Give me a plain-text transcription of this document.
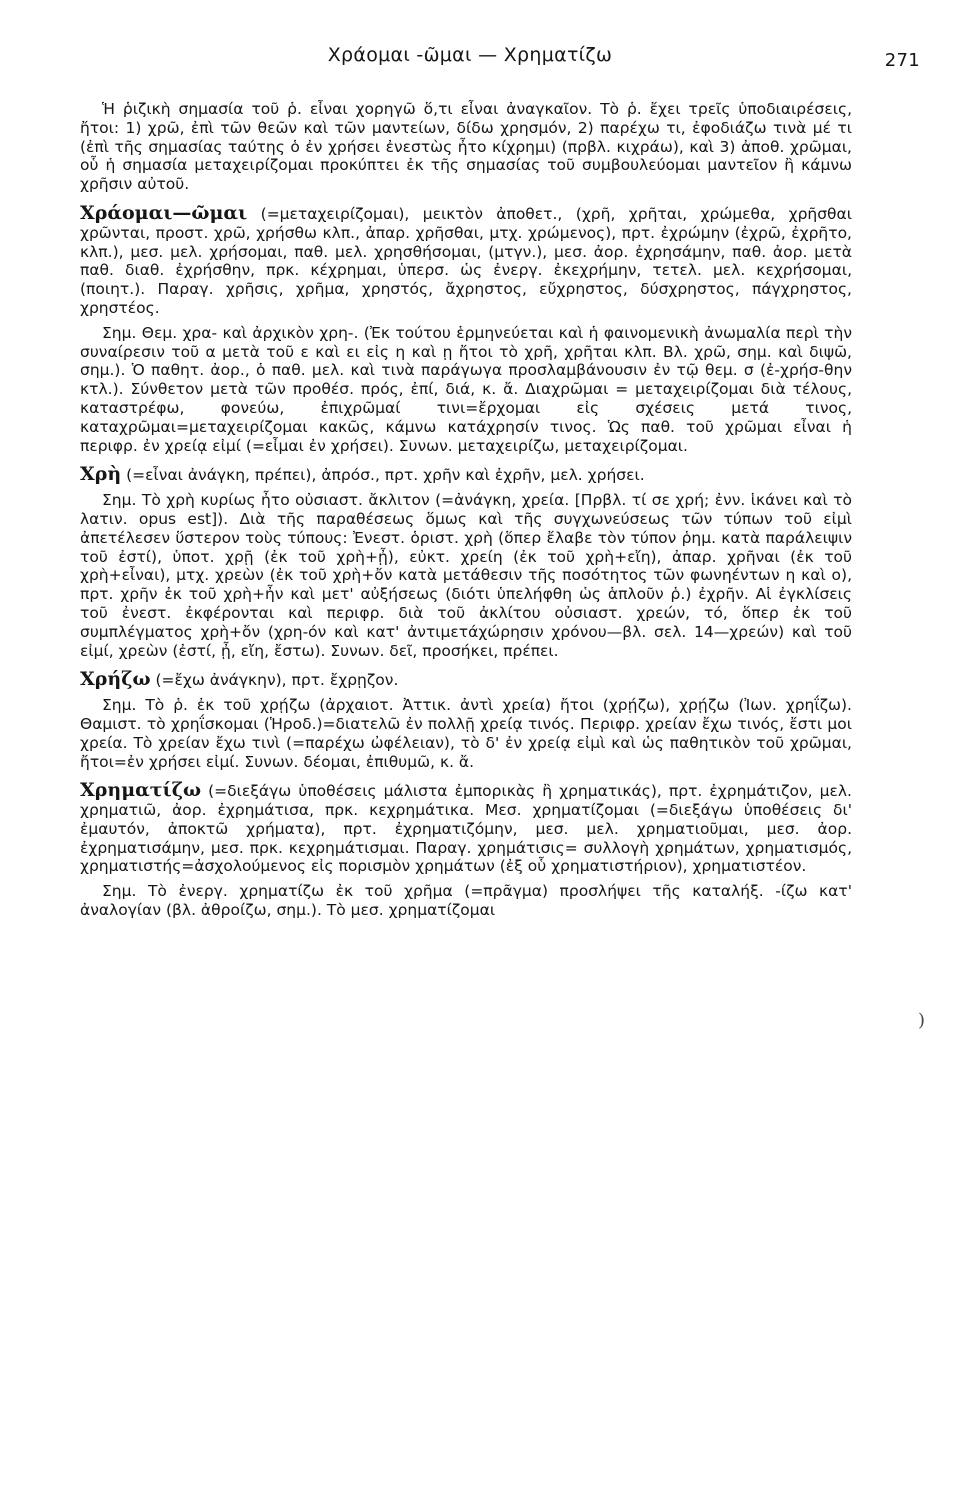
Χράομαι -ῶμαι — Χρηματίζω	271

Ἡ ῥιζικὴ σημασία τοῦ ῥ. εἶναι χορηγῶ ὅ,τι εἶναι ἀναγκαῖον. Τὸ ῥ. ἔχει τρεῖς ὑποδιαιρέσεις, ἤτοι: 1) χρῶ, ἐπὶ τῶν θεῶν καὶ τῶν μαντείων, δίδω χρησμόν, 2) παρέχω τι, ἐφοδιάζω τινὰ μέ τι (ἐπὶ τῆς σημασίας ταύτης ὁ ἐν χρήσει ἐνεστὼς ἦτο κίχρημι) (πρβλ. κιχράω), καὶ 3) ἀποθ. χρῶμαι, οὗ ἡ σημασία μεταχειρίζομαι προκύπτει ἐκ τῆς σημασίας τοῦ συμβουλεύομαι μαντεῖον ἢ κάμνω χρῆσιν αὐτοῦ.

Χράομαι—ῶμαι (=μεταχειρίζομαι), μεικτὸν ἀποθετ., (χρῆ, χρῆται, χρώμεθα, χρῆσθαι χρῶνται, προστ. χρῶ, χρήσθω κλπ., ἀπαρ. χρῆσθαι, μτχ. χρώμενος), πρτ. ἐχρώμην (ἐχρῶ, ἐχρῆτο, κλπ.), μεσ. μελ. χρήσομαι, παθ. μελ. χρησθήσομαι, (μτγν.), μεσ. ἀορ. ἐχρησάμην, παθ. ἀορ. μετὰ παθ. διαθ. ἐχρήσθην, πρκ. κέχρημαι, ὑπερσ. ὡς ἐνεργ. ἐκεχρήμην, τετελ. μελ. κεχρήσομαι, (ποιητ.). Παραγ. χρῆσις, χρῆμα, χρηστός, ἄχρηστος, εὔχρηστος, δύσχρηστος, πάγχρηστος, χρηστέος.

Σημ. Θεμ. χρα- καὶ ἀρχικὸν χρη-. (Ἐκ τούτου ἑρμηνεύεται καὶ ἡ φαινομενικὴ ἀνωμαλία περὶ τὴν συναίρεσιν τοῦ α μετὰ τοῦ ε καὶ ει εἰς η καὶ ῃ ἤτοι τὸ χρῆ, χρῆται κλπ. Βλ. χρῶ, σημ. καὶ διψῶ, σημ.). Ὁ παθητ. ἀορ., ὁ παθ. μελ. καὶ τινὰ παράγωγα προσλαμβάνουσιν ἐν τῷ θεμ. σ (ἐ-χρήσ-θην κτλ.). Σύνθετον μετὰ τῶν προθέσ. πρός, ἐπί, διά, κ. ἄ. Διαχρῶμαι = μεταχειρίζομαι διὰ τέλους, καταστρέφω, φονεύω, ἐπιχρῶμαί τινι=ἔρχομαι εἰς σχέσεις μετά τινος, καταχρῶμαι=μεταχειρίζομαι κακῶς, κάμνω κατάχρησίν τινος. Ὡς παθ. τοῦ χρῶμαι εἶναι ἡ περιφρ. ἐν χρείᾳ εἰμί (=εἶμαι ἐν χρήσει). Συνων. μεταχειρίζω, μεταχειρίζομαι.

Χρὴ (=εἶναι ἀνάγκη, πρέπει), ἀπρόσ., πρτ. χρῆν καὶ ἐχρῆν, μελ. χρήσει.

Σημ. Τὸ χρὴ κυρίως ἦτο οὐσιαστ. ἄκλιτον (=ἀνάγκη, χρεία. [Πρβλ. τί σε χρή; ἐνν. ἱκάνει καὶ τὸ λατιν. opus est]). Διὰ τῆς παραθέσεως ὅμως καὶ τῆς συγχωνεύσεως τῶν τύπων τοῦ εἰμὶ ἀπετέλεσεν ὕστερον τοὺς τύπους: Ἐνεστ. ὁριστ. χρὴ (ὅπερ ἔλαβε τὸν τύπον ῥημ. κατὰ παράλειψιν τοῦ ἐστί), ὑποτ. χρῇ (ἐκ τοῦ χρὴ+ᾖ), εὐκτ. χρείη (ἐκ τοῦ χρὴ+εἴη), ἀπαρ. χρῆναι (ἐκ τοῦ χρὴ+εἶναι), μτχ. χρεὼν (ἐκ τοῦ χρὴ+ὄν κατὰ μετάθεσιν τῆς ποσότητος τῶν φωνηέντων η καὶ ο), πρτ. χρῆν ἐκ τοῦ χρὴ+ἦν καὶ μετ' αὐξήσεως (διότι ὑπελήφθη ὡς ἁπλοῦν ῥ.) ἐχρῆν. Αἱ ἐγκλίσεις τοῦ ἐνεστ. ἐκφέρονται καὶ περιφρ. διὰ τοῦ ἀκλίτου οὐσιαστ. χρεών, τό, ὅπερ ἐκ τοῦ συμπλέγματος χρὴ+ὄν (χρη-όν καὶ κατ' ἀντιμετάχώρησιν χρόνου—βλ. σελ. 14—χρεών) καὶ τοῦ εἰμί, χρεὼν (ἐστί, ᾖ, εἴη, ἔστω). Συνων. δεῖ, προσήκει, πρέπει.

Χρήζω (=ἔχω ἀνάγκην), πρτ. ἔχρῃζον.

Σημ. Τὸ ῥ. ἐκ τοῦ χρῄζω (ἀρχαιοτ. Ἀττικ. ἀντὶ χρεία) ἤτοι (χρῄζω), χρῄζω (Ἰων. χρηΐζω). Θαμιστ. τὸ χρηΐσκομαι (Ἡροδ.)=διατελῶ ἐν πολλῇ χρείᾳ τινός. Περιφρ. χρείαν ἔχω τινός, ἔστι μοι χρεία. Τὸ χρείαν ἔχω τινὶ (=παρέχω ὠφέλειαν), τὸ δ' ἐν χρείᾳ εἰμὶ καὶ ὡς παθητικὸν τοῦ χρῶμαι, ἤτοι=ἐν χρήσει εἰμί. Συνων. δέομαι, ἐπιθυμῶ, κ. ἄ.

Χρηματίζω (=διεξάγω ὑποθέσεις μάλιστα ἐμπορικὰς ἢ χρηματικάς), πρτ. ἐχρημάτιζον, μελ. χρηματιῶ, ἀορ. ἐχρημάτισα, πρκ. κεχρημάτικα. Μεσ. χρηματίζομαι (=διεξάγω ὑποθέσεις δι' ἐμαυτόν, ἀποκτῶ χρήματα), πρτ. ἐχρηματιζόμην, μεσ. μελ. χρηματιοῦμαι, μεσ. ἀορ. ἐχρηματισάμην, μεσ. πρκ. κεχρημάτισμαι. Παραγ. χρημάτισις= συλλογὴ χρημάτων, χρηματισμός, χρηματιστής=ἀσχολούμενος εἰς πορισμὸν χρημάτων (ἐξ οὗ χρηματιστήριον), χρηματιστέον.

Σημ. Τὸ ἐνεργ. χρηματίζω ἐκ τοῦ χρῆμα (=πρᾶγμα) προσλήψει τῆς καταλήξ. -ίζω κατ' ἀναλογίαν (βλ. ἀθροίζω, σημ.). Τὸ μεσ. χρηματίζομαι

)
